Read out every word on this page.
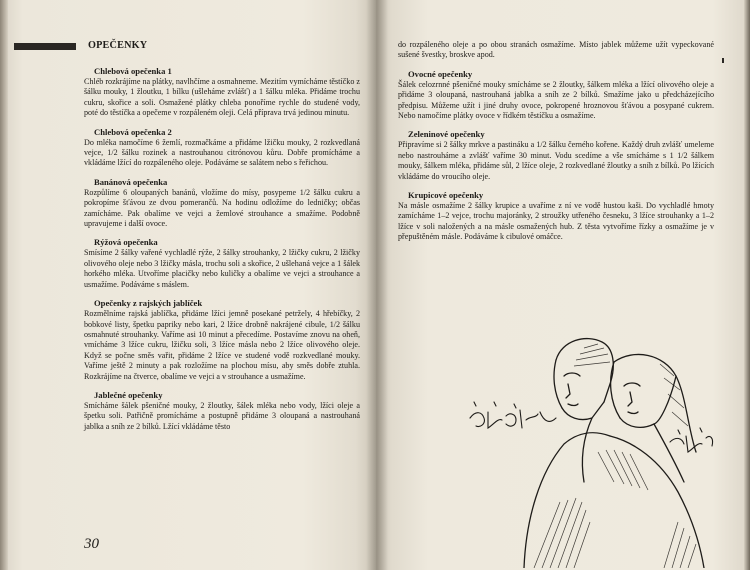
OPEČENKY
Chlebová opečenka 1

Chléb rozkrájíme na plátky, navlhčíme a osmahneme. Mezitím vymícháme těstíčko z šálku mouky, 1 žloutku, 1 bílku (ušleháme zvlášť) a 1 šálku mléka. Přidáme trochu cukru, skořice a soli. Osmažené plátky chleba ponoříme rychle do studené vody, poté do těstíčka a opečeme v rozpáleném oleji. Celá příprava trvá jedinou minutu.

Chlebová opečenka 2

Do mléka namočíme 6 žemlí, rozmačkáme a přidáme lžičku mouky, 2 rozkvedlaná vejce, 1/2 šálku rozinek a nastrouhanou citrónovou kůru. Dobře promícháme a vkládáme lžící do rozpáleného oleje. Podáváme se salátem nebo s řeřichou.

Banánová opečenka

Rozpůlíme 6 oloupaných banánů, vložíme do mísy, posypeme 1/2 šálku cukru a pokropíme šťávou ze dvou pomerančů. Na hodinu odložíme do ledničky; občas zamícháme. Pak obalíme ve vejci a žemlové strouhance a smažíme. Podobně upravujeme i další ovoce.

Rýžová opečenka

Smísíme 2 šálky vařené vychladlé rýže, 2 šálky strouhanky, 2 lžičky cukru, 2 lžičky olivového oleje nebo 3 lžičky másla, trochu soli a skořice, 2 ušlehaná vejce a 1 šálek horkého mléka. Utvoříme placičky nebo kuličky a obalíme ve vejci a strouhance a usmažíme. Podáváme s máslem.

Opečenky z rajských jablíček

Rozmělníme rajská jablíčka, přidáme lžíci jemně posekané petržely, 4 hřebíčky, 2 bobkové listy, špetku papriky nebo kari, 2 lžíce drobně nakrájené cibule, 1/2 šálku osmahnuté strouhanky. Vaříme asi 10 minut a přecedíme. Postavíme znovu na oheň, vmícháme 3 lžíce cukru, lžičku soli, 3 lžíce másla nebo 2 lžíce olivového oleje. Když se počne směs vařit, přidáme 2 lžíce ve studené vodě rozkvedlané mouky. Vaříme ještě 2 minuty a pak rozložíme na plochou mísu, aby směs dobře ztuhla. Rozkrájíme na čtverce, obalíme ve vejci a v strouhance a usmažíme.

Jablečné opečenky

Smícháme šálek pšeničné mouky, 2 žloutky, šálek mléka nebo vody, lžíci oleje a špetku soli. Patřičně promícháme a postupně přidáme 3 oloupaná a nastrouhaná jablka a sníh ze 2 bílků. Lžící vkládáme těsto

30

do rozpáleného oleje a po obou stranách osmažíme. Místo jablek můžeme užít vypeckované sušené švestky, broskve apod.

Ovocné opečenky

Šálek celozrnné pšeničné mouky smícháme se 2 žloutky, šálkem mléka a lžící olivového oleje a přidáme 3 oloupaná, nastrouhaná jablka a sníh ze 2 bílků. Smažíme jako u předcházejícího předpisu. Můžeme užít i jiné druhy ovoce, pokropené hroznovou šťávou a posypané cukrem. Nebo namočíme plátky ovoce v řídkém těstíčku a osmažíme.

Zeleninové opečenky

Připravíme si 2 šálky mrkve a pastináku a 1/2 šálku černého kořene. Každý druh zvlášť umeleme nebo nastrouháme a zvlášť vaříme 30 minut. Vodu scedíme a vše smícháme s 1 1/2 šálkem mouky, šálkem mléka, přidáme sůl, 2 lžíce oleje, 2 rozkvedlané žloutky a sníh z bílků. Po lžících vkládáme do vroucího oleje.

Krupicové opečenky

Na másle osmažíme 2 šálky krupice a uvaříme z ní ve vodě hustou kaši. Do vychladlé hmoty zamícháme 1–2 vejce, trochu majoránky, 2 stroužky utřeného česneku, 3 lžíce strouhanky a 1–2 lžíce v soli naložených a na másle osmažených hub. Z těsta vytvoříme řízky a osmažíme je v přepuštěném másle. Podáváme k cibulové omáčce.
